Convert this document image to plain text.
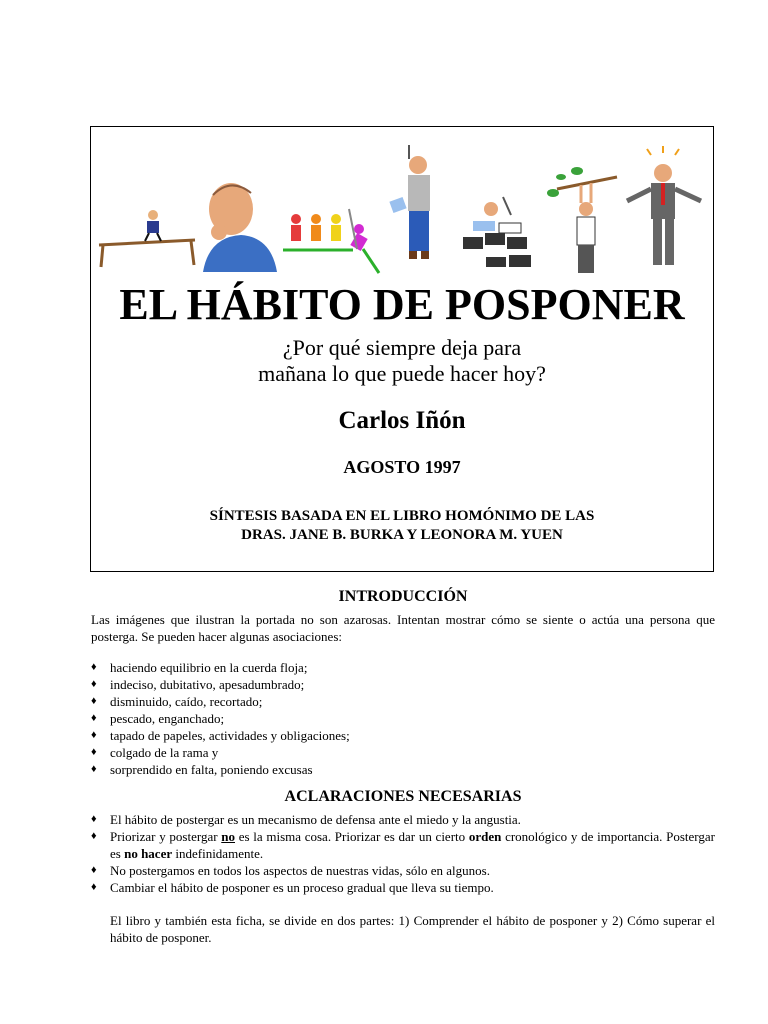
EL HÁBITO DE POSPONER
¿Por qué siempre deja para
mañana lo que puede hacer hoy?
Carlos Iñón
AGOSTO 1997
SÍNTESIS BASADA EN EL LIBRO HOMÓNIMO DE LAS
DRAS. JANE B. BURKA Y LEONORA M. YUEN
INTRODUCCIÓN

Las imágenes que ilustran la portada no son azarosas. Intentan mostrar cómo se siente o actúa una persona que posterga. Se pueden hacer algunas asociaciones:

♦ haciendo equilibrio en la cuerda floja;
♦ indeciso, dubitativo, apesadumbrado;
♦ disminuido, caído, recortado;
♦ pescado, enganchado;
♦ tapado de papeles, actividades y obligaciones;
♦ colgado de la rama y
♦ sorprendido en falta, poniendo excusas
ACLARACIONES NECESARIAS
♦ El hábito de postergar es un mecanismo de defensa ante el miedo y la angustia.
♦ Priorizar y postergar no es la misma cosa. Priorizar es dar un cierto orden cronológico y de importancia. Postergar es no hacer indefinidamente.
♦ No postergamos en todos los aspectos de nuestras vidas, sólo en algunos.
♦ Cambiar el hábito de posponer es un proceso gradual que lleva su tiempo.

El libro y también esta ficha, se divide en dos partes: 1) Comprender el hábito de posponer y 2) Cómo superar el hábito de posponer.
